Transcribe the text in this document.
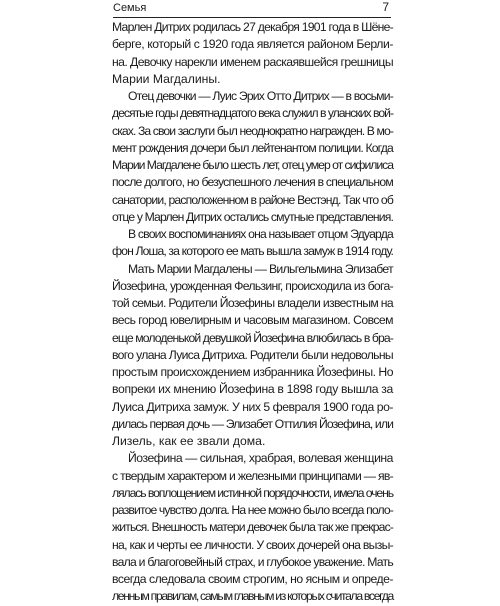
Семья	7
Марлен Дитрих родилась 27 декабря 1901 года в Шёне-
берге, который с 1920 года является районом Берли-
на. Девочку нарекли именем раскаявшейся грешницы
Марии Магдалины.
Отец девочки — Луис Эрих Отто Дитрих — в восьми-
десятые годы девятнадцатого века служил в уланских вой-
сках. За свои заслуги был неоднократно награжден. В мо-
мент рождения дочери был лейтенантом полиции. Когда
Марии Магдалене было шесть лет, отец умер от сифилиса
после долгого, но безуспешного лечения в специальном
санатории, расположенном в районе Вестэнд. Так что об
отце у Марлен Дитрих остались смутные представления.
В своих воспоминаниях она называет отцом Эдуарда
фон Лоша, за которого ее мать вышла замуж в 1914 году.
Мать Марии Магдалены — Вильгельмина Элизабет
Йозефина, урожденная Фельзинг, происходила из бога-
той семьи. Родители Йозефины владели известным на
весь город ювелирным и часовым магазином. Совсем
еще молоденькой девушкой Йозефина влюбилась в бра-
вого улана Луиса Дитриха. Родители были недовольны
простым происхождением избранника Йозефины. Но
вопреки их мнению Йозефина в 1898 году вышла за
Луиса Дитриха замуж. У них 5 февраля 1900 года ро-
дилась первая дочь — Элизабет Оттилия Йозефина, или
Лизель, как ее звали дома.
Йозефина — сильная, храбрая, волевая женщина
с твердым характером и железными принципами — яв-
лялась воплощением истинной порядочности, имела очень
развитое чувство долга. На нее можно было всегда поло-
житься. Внешность матери девочек была так же прекрас-
на, как и черты ее личности. У своих дочерей она вызы-
вала и благоговейный страх, и глубокое уважение. Мать
всегда следовала своим строгим, но ясным и опреде-
ленным правилам, самым главным из которых считала всегда
